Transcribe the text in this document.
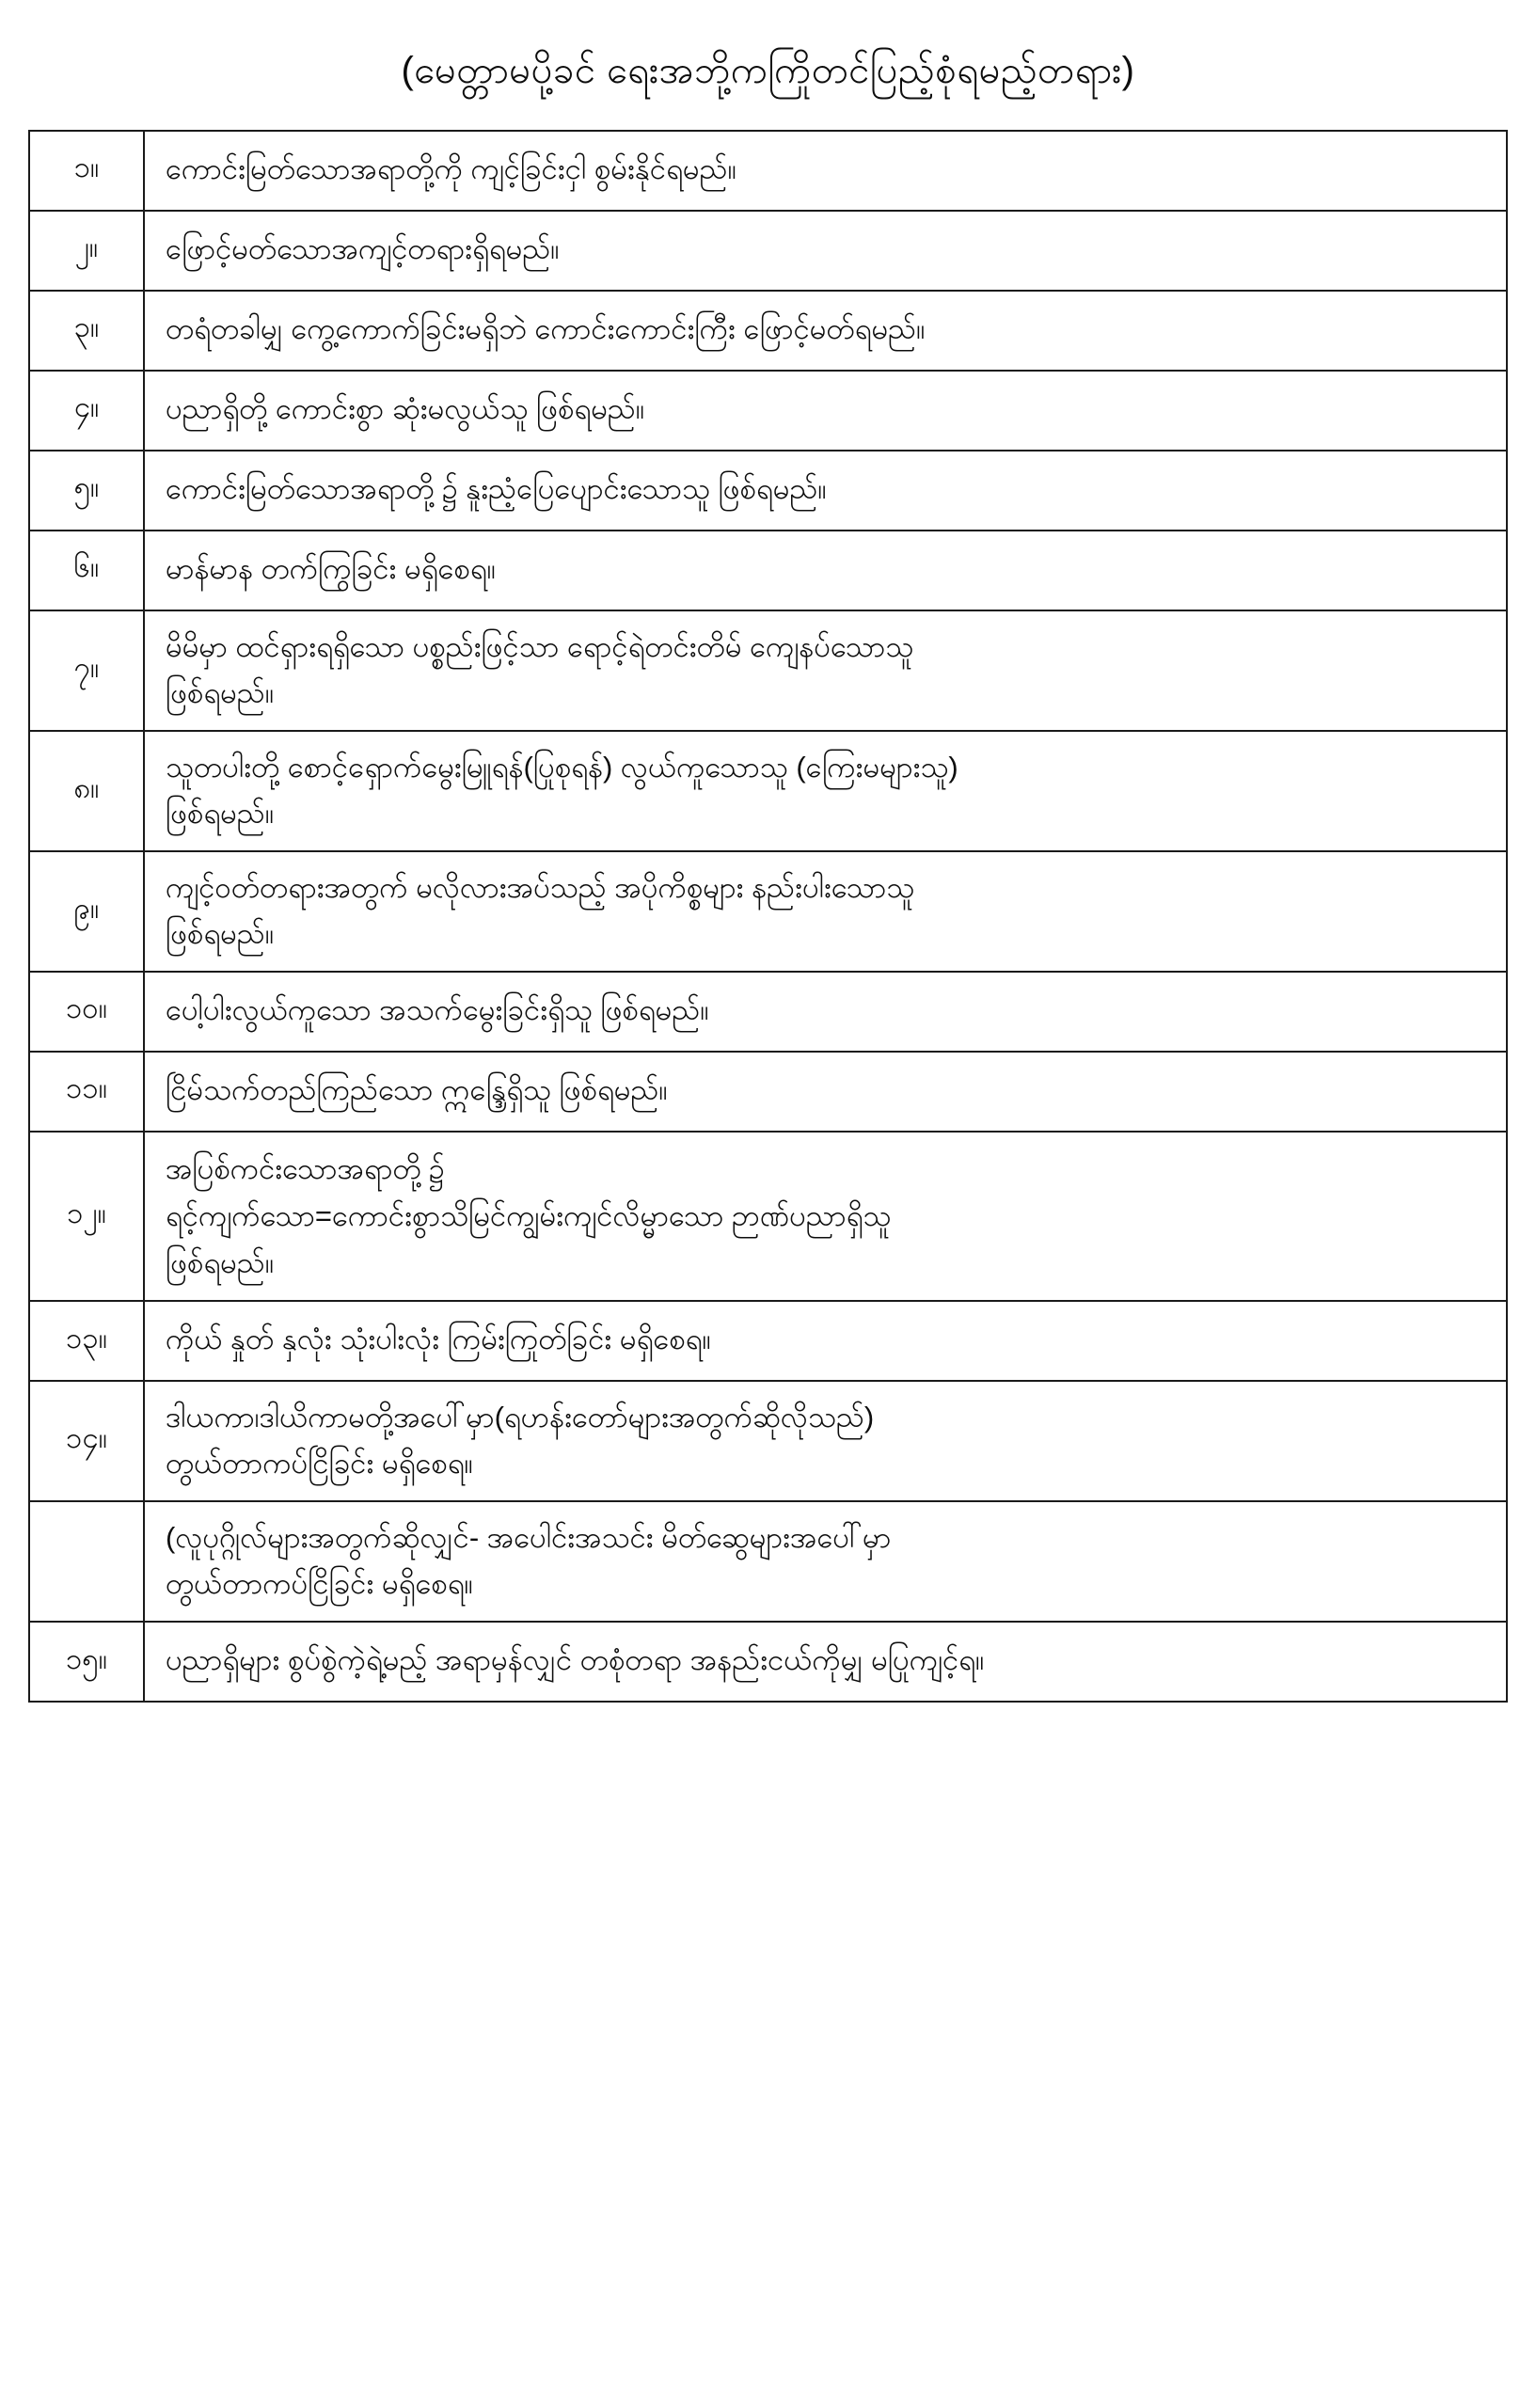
(မေတ္တာမပို့ခင် ရေးအဘို့ကကြိုတင်ပြည့်စုံရမည့်တရား)
၁။	ကောင်းမြတ်သောအရာတို့ကို ကျင့်ခြင်းငှါ စွမ်းနိုင်ရမည်။

၂။	ဖြောင့်မတ်သောအကျင့်တရားရှိရမည်။

၃။	တရံတခါမျှ ကွေ့ကောက်ခြင်းမရှိဘဲ ကောင်းကောင်းကြီး ဖြောင့်မတ်ရမည်။

၄။	ပညာရှိတို့ ကောင်းစွာ ဆုံးမလွယ်သူ ဖြစ်ရမည်။

၅။	ကောင်းမြတ်သောအရာတို့၌ နူးညံ့ပြေပျောင်းသောသူ ဖြစ်ရမည်။

၆။	မာန်မာန တက်ကြွခြင်း မရှိစေရ။

၇။	မိမိမှာ ထင်ရှားရရှိသော ပစ္စည်းဖြင့်သာ ရောင့်ရဲတင်းတိမ် ကျေနပ်သောသူ
ဖြစ်ရမည်။

၈။	သူတပါးတို့ စောင့်ရှောက်မွေးမြူရန်(ပြုစုရန်) လွယ်ကူသောသူ (ကြေးမများသူ)
ဖြစ်ရမည်။

၉။	ကျင့်ဝတ်တရားအတွက် မလိုလားအပ်သည့် အပိုကိစ္စများ နည်းပါးသောသူ
ဖြစ်ရမည်။

၁၀။	ပေါ့ပါးလွယ်ကူသော အသက်မွေးခြင်းရှိသူ ဖြစ်ရမည်။

၁၁။	ငြိမ်သက်တည်ကြည်သော ဣန္ဒြေရှိသူ ဖြစ်ရမည်။

၁၂။	အပြစ်ကင်းသောအရာတို့၌
ရင့်ကျက်သော=ကောင်းစွာသိမြင်ကျွမ်းကျင်လိမ္မာသော ဉာဏ်ပညာရှိသူ
ဖြစ်ရမည်။

၁၃။	ကိုယ် နှုတ် နှလုံး သုံးပါးလုံး ကြမ်းကြုတ်ခြင်း မရှိစေရ။

၁၄။	ဒါယကာ၊ဒါယိကာမတို့အပေါ်မှာ(ရဟန်းတော်များအတွက်ဆိုလိုသည်)
တွယ်တာကပ်ငြိခြင်း မရှိစေရ။

	(လူပုဂ္ဂိုလ်များအတွက်ဆိုလျှင်- အပေါင်းအသင်း မိတ်ဆွေများအပေါ်မှာ
တွယ်တာကပ်ငြိခြင်း မရှိစေရ။

၁၅။	ပညာရှိများ စွပ်စွဲကဲ့ရဲ့မည့် အရာမှန်လျှင် တစုံတရာ အနည်းငယ်ကိုမျှ မပြုကျင့်ရ။
